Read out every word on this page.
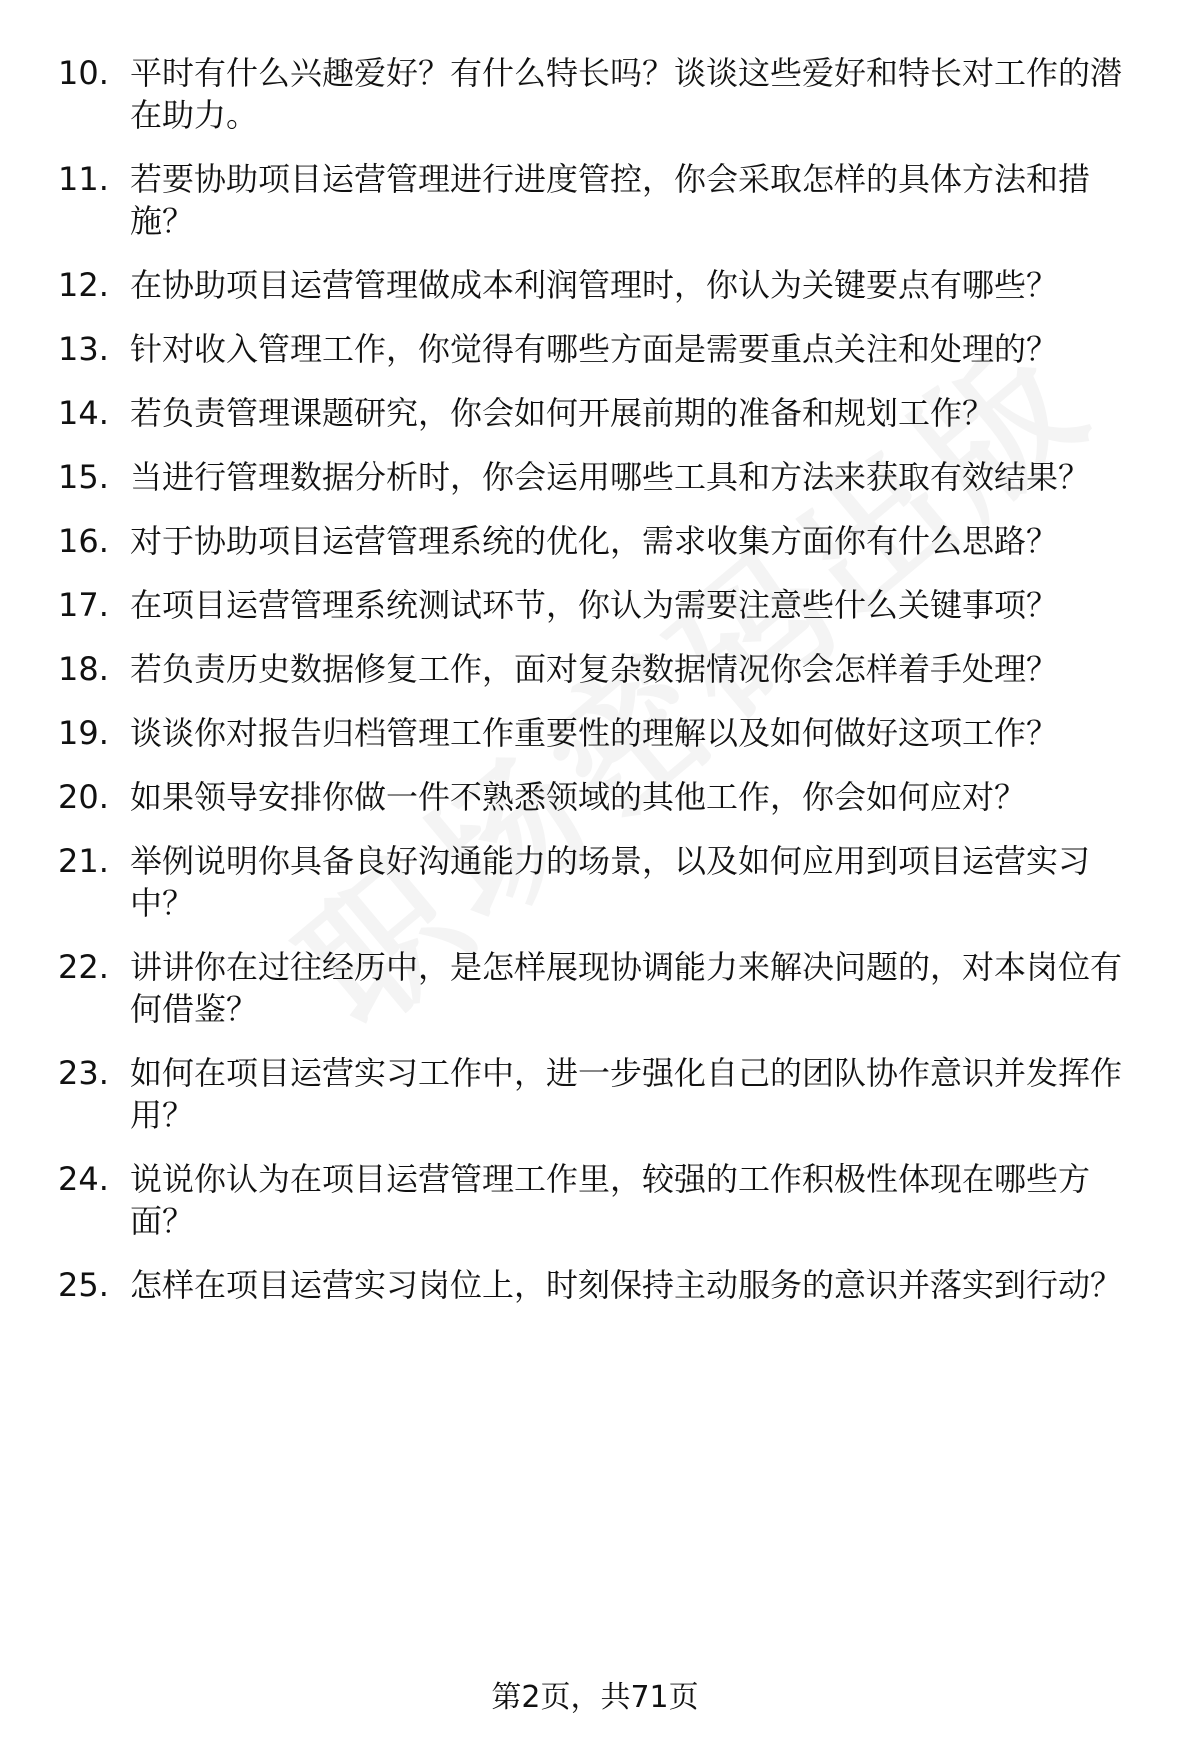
10. 平时有什么兴趣爱好？有什么特长吗？谈谈这些爱好和特长对工作的潜在助力。
11. 若要协助项目运营管理进行进度管控，你会采取怎样的具体方法和措施？
12. 在协助项目运营管理做成本利润管理时，你认为关键要点有哪些？
13. 针对收入管理工作，你觉得有哪些方面是需要重点关注和处理的？
14. 若负责管理课题研究，你会如何开展前期的准备和规划工作？
15. 当进行管理数据分析时，你会运用哪些工具和方法来获取有效结果？
16. 对于协助项目运营管理系统的优化，需求收集方面你有什么思路？
17. 在项目运营管理系统测试环节，你认为需要注意些什么关键事项？
18. 若负责历史数据修复工作，面对复杂数据情况你会怎样着手处理？
19. 谈谈你对报告归档管理工作重要性的理解以及如何做好这项工作？
20. 如果领导安排你做一件不熟悉领域的其他工作，你会如何应对？
21. 举例说明你具备良好沟通能力的场景，以及如何应用到项目运营实习中？
22. 讲讲你在过往经历中，是怎样展现协调能力来解决问题的，对本岗位有何借鉴？
23. 如何在项目运营实习工作中，进一步强化自己的团队协作意识并发挥作用？
24. 说说你认为在项目运营管理工作里，较强的工作积极性体现在哪些方面？
25. 怎样在项目运营实习岗位上，时刻保持主动服务的意识并落实到行动？
第2页，共71页
